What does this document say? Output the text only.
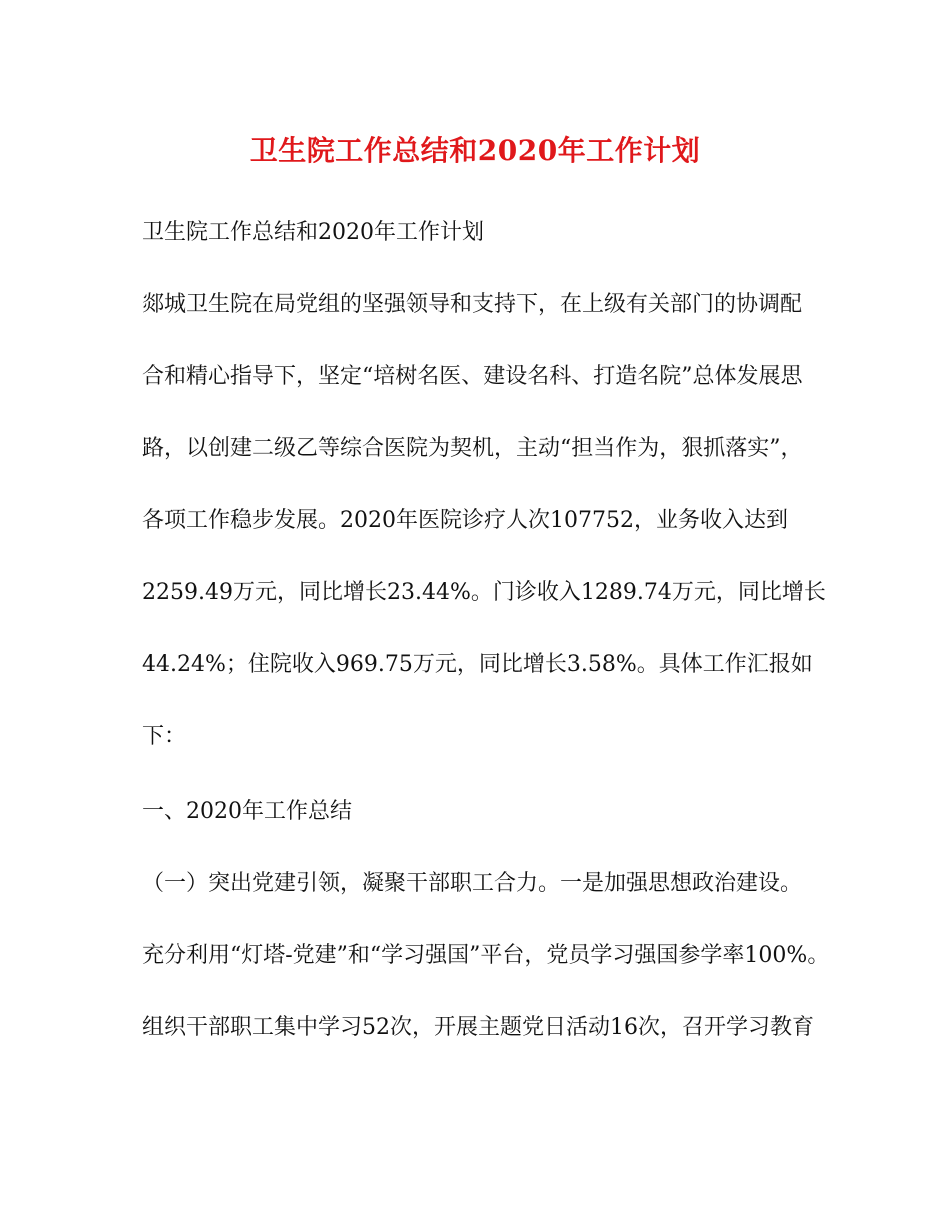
卫生院工作总结和2020年工作计划
卫生院工作总结和2020年工作计划
郯城卫生院在局党组的坚强领导和支持下，在上级有关部门的协调配
合和精心指导下，坚定“培树名医、建设名科、打造名院”总体发展思
路，以创建二级乙等综合医院为契机，主动“担当作为，狠抓落实”，
各项工作稳步发展。2020年医院诊疗人次107752，业务收入达到
2259.49万元，同比增长23.44%。门诊收入1289.74万元，同比增长
44.24%；住院收入969.75万元，同比增长3.58%。具体工作汇报如
下：
一、2020年工作总结
（一）突出党建引领，凝聚干部职工合力。一是加强思想政治建设。
充分利用“灯塔-党建”和“学习强国”平台，党员学习强国参学率100%。
组织干部职工集中学习52次，开展主题党日活动16次，召开学习教育
